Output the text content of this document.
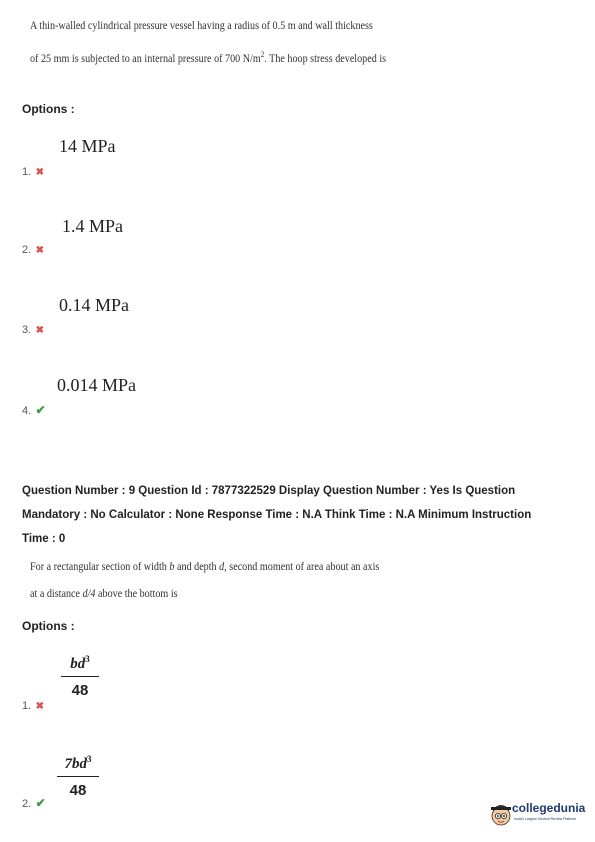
A thin-walled cylindrical pressure vessel having a radius of 0.5 m and wall thickness
of 25 mm is subjected to an internal pressure of 700 $N/m^2$. The hoop stress developed is
Options :
14 MPa
1. ✖
1.4 MPa
2. ✖
0.14 MPa
3. ✖
0.014 MPa
4. ✔
Question Number : 9 Question Id : 7877322529 Display Question Number : Yes Is Question
Mandatory : No Calculator : None Response Time : N.A Think Time : N.A Minimum Instruction
Time : 0
For a rectangular section of width b and depth d, second moment of area about an axis
at a distance d/4 above the bottom is
Options :
$bd^3$
48
1. ✖
$7bd^3$
48
2. ✔	collegedunia
India's Largest Student Review Platform
